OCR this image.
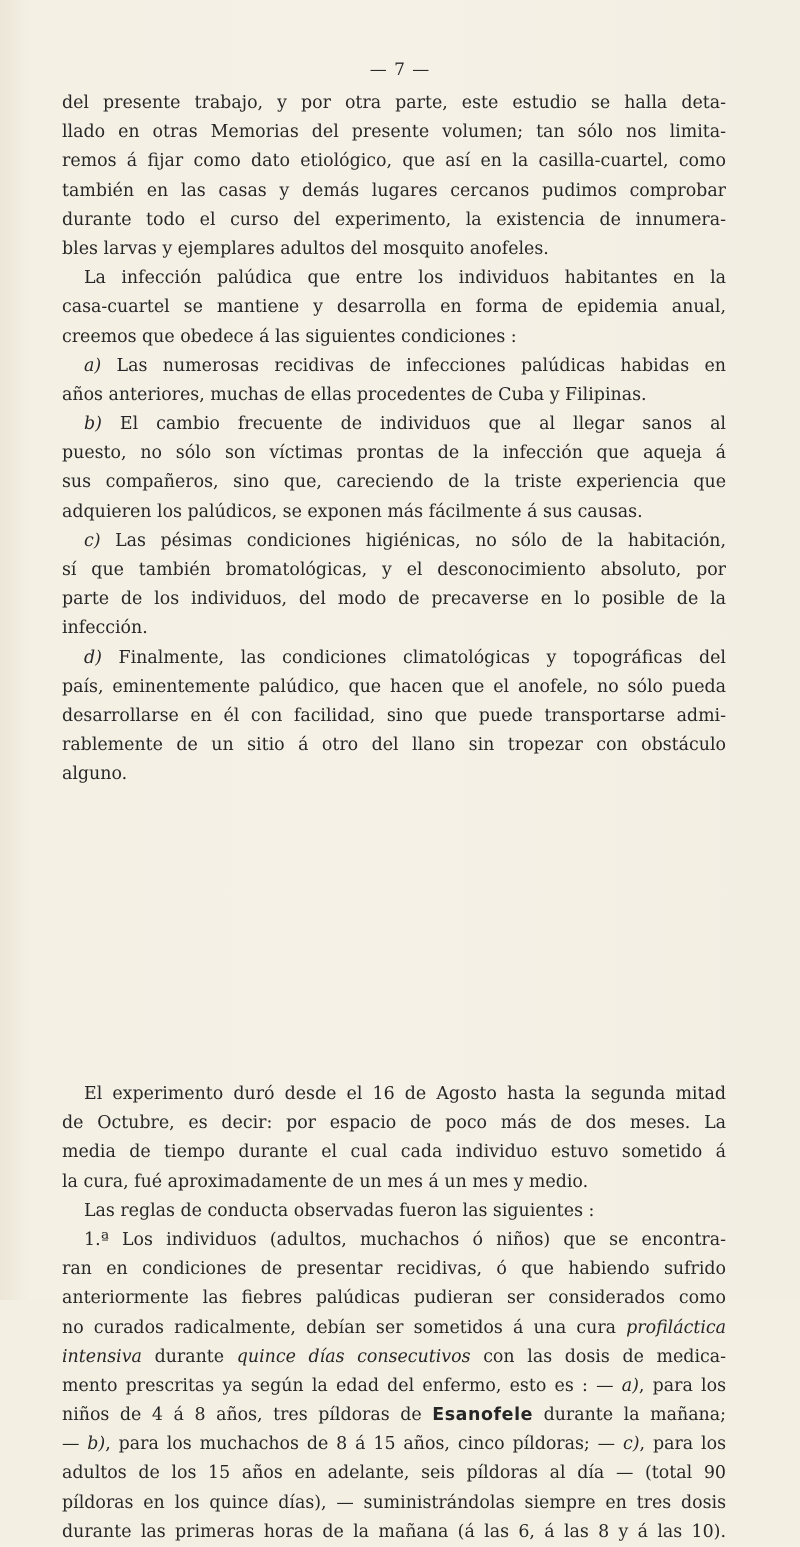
— 7 —
del presente trabajo, y por otra parte, este estudio se halla deta-
llado en otras Memorias del presente volumen; tan sólo nos limita-
remos á fijar como dato etiológico, que así en la casilla-cuartel, como
también en las casas y demás lugares cercanos pudimos comprobar
durante todo el curso del experimento, la existencia de innumera-
bles larvas y ejemplares adultos del mosquito anofeles.
La infección palúdica que entre los individuos habitantes en la
casa-cuartel se mantiene y desarrolla en forma de epidemia anual,
creemos que obedece á las siguientes condiciones :
a) Las numerosas recidivas de infecciones palúdicas habidas en
años anteriores, muchas de ellas procedentes de Cuba y Filipinas.
b) El cambio frecuente de individuos que al llegar sanos al
puesto, no sólo son víctimas prontas de la infección que aqueja á
sus compañeros, sino que, careciendo de la triste experiencia que
adquieren los palúdicos, se exponen más fácilmente á sus causas.
c) Las pésimas condiciones higiénicas, no sólo de la habitación,
sí que también bromatológicas, y el desconocimiento absoluto, por
parte de los individuos, del modo de precaverse en lo posible de la
infección.
d) Finalmente, las condiciones climatológicas y topográficas del
país, eminentemente palúdico, que hacen que el anofele, no sólo pueda
desarrollarse en él con facilidad, sino que puede transportarse admi-
rablemente de un sitio á otro del llano sin tropezar con obstáculo
alguno.
El experimento duró desde el 16 de Agosto hasta la segunda mitad
de Octubre, es decir: por espacio de poco más de dos meses. La
media de tiempo durante el cual cada individuo estuvo sometido á
la cura, fué aproximadamente de un mes á un mes y medio.
Las reglas de conducta observadas fueron las siguientes :
1.ª Los individuos (adultos, muchachos ó niños) que se encontra-
ran en condiciones de presentar recidivas, ó que habiendo sufrido
anteriormente las fiebres palúdicas pudieran ser considerados como
no curados radicalmente, debían ser sometidos á una cura profiláctica
intensiva durante quince días consecutivos con las dosis de medica-
mento prescritas ya según la edad del enfermo, esto es : — a), para los
niños de 4 á 8 años, tres píldoras de Esanofele durante la mañana;
— b), para los muchachos de 8 á 15 años, cinco píldoras; — c), para los
adultos de los 15 años en adelante, seis píldoras al día — (total 90
píldoras en los quince días), — suministrándolas siempre en tres dosis
durante las primeras horas de la mañana (á las 6, á las 8 y á las 10).
